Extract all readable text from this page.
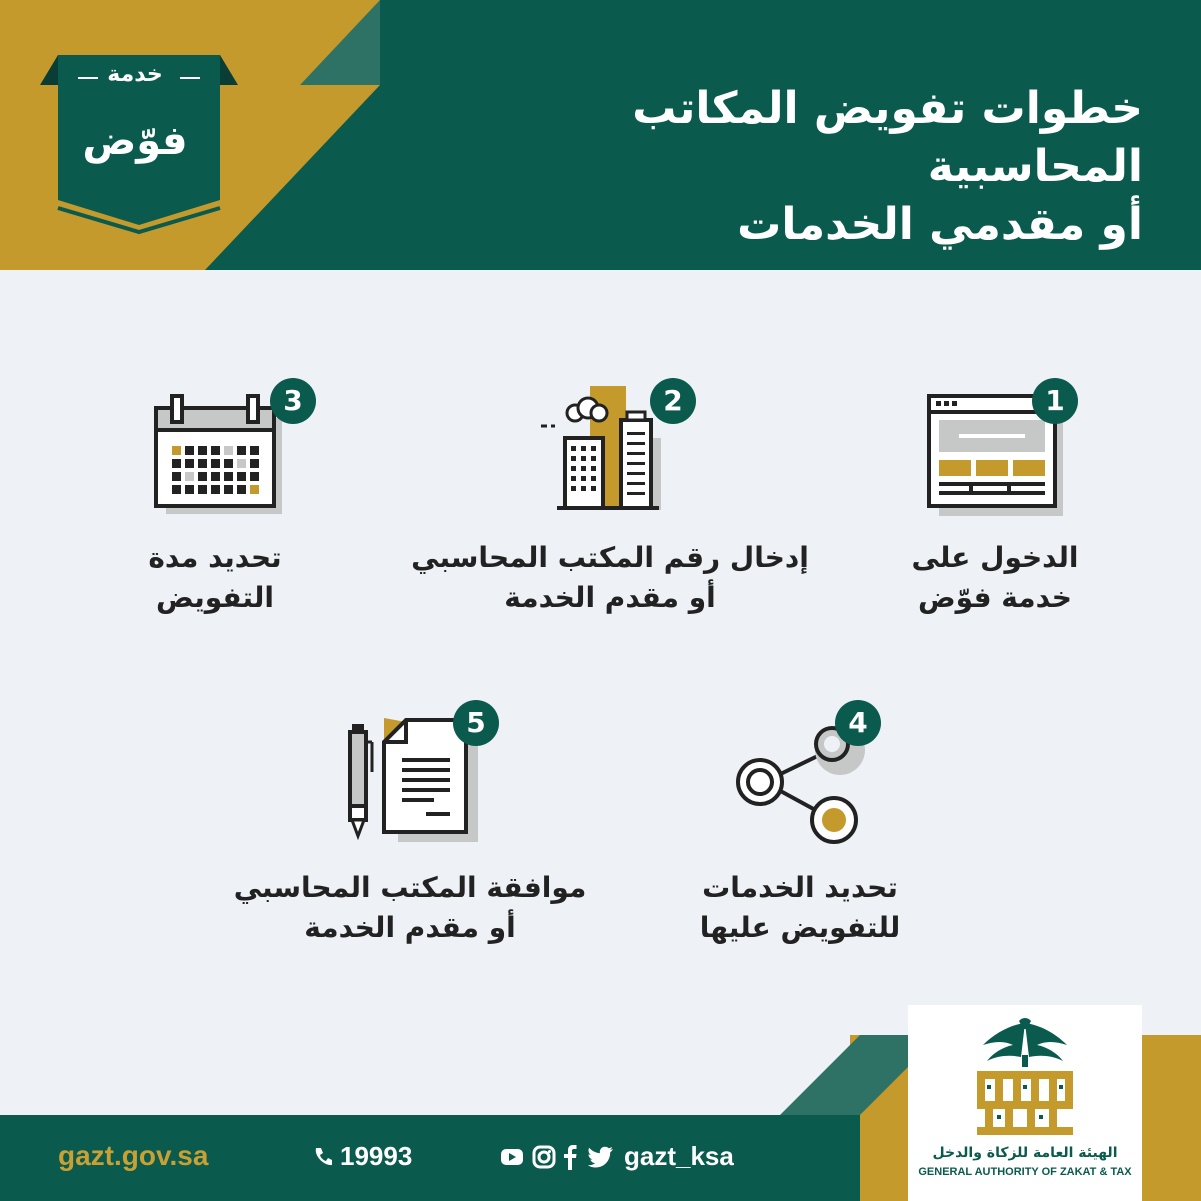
خدمة
فوّض
خطوات تفويض المكاتب المحاسبية
أو مقدمي الخدمات
1
الدخول على
خدمة فوّض
2
إدخال رقم المكتب المحاسبي
أو مقدم الخدمة
3
تحديد مدة
التفويض
4
تحديد الخدمات
للتفويض عليها
5
موافقة المكتب المحاسبي
أو مقدم الخدمة
gazt.gov.sa	19993	gazt_ksa	الهيئة العامة للزكاة والدخل
GENERAL AUTHORITY OF ZAKAT & TAX
